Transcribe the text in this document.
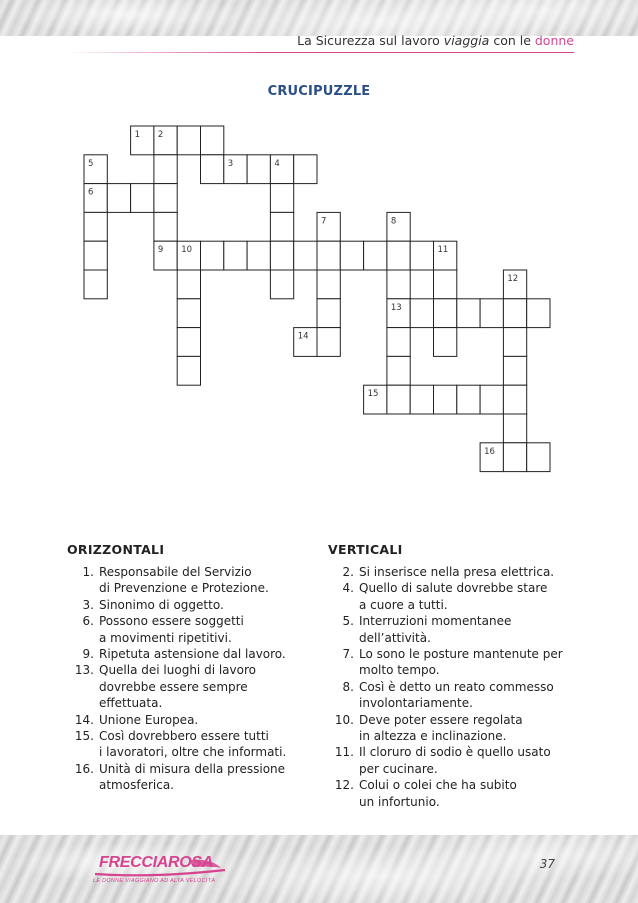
La Sicurezza sul lavoro viaggia con le donne
CRUCIPUZZLE
1 2
5	3	4
6
7	8
9 10	11
12
13
14
15
16
ORIZZONTALI	VERTICALI
1. Responsabile del Servizio
di Prevenzione e Protezione.
3. Sinonimo di oggetto.
6. Possono essere soggetti
a movimenti ripetitivi.
9. Ripetuta astensione dal lavoro.
13. Quella dei luoghi di lavoro
dovrebbe essere sempre
effettuata.
14. Unione Europea.
15. Così dovrebbero essere tutti
i lavoratori, oltre che informati.
16. Unità di misura della pressione
atmosferica.
2. Si inserisce nella presa elettrica.
4. Quello di salute dovrebbe stare
a cuore a tutti.
5. Interruzioni momentanee
dell’attività.
7. Lo sono le posture mantenute per
molto tempo.
8. Così è detto un reato commesso
involontariamente.
10. Deve poter essere regolata
in altezza e inclinazione.
11. Il cloruro di sodio è quello usato
per cucinare.
12. Colui o colei che ha subito
un infortunio.
FRECCIAROSA
LE DONNE VIAGGIANO AD ALTA VELOCITÀ
37
